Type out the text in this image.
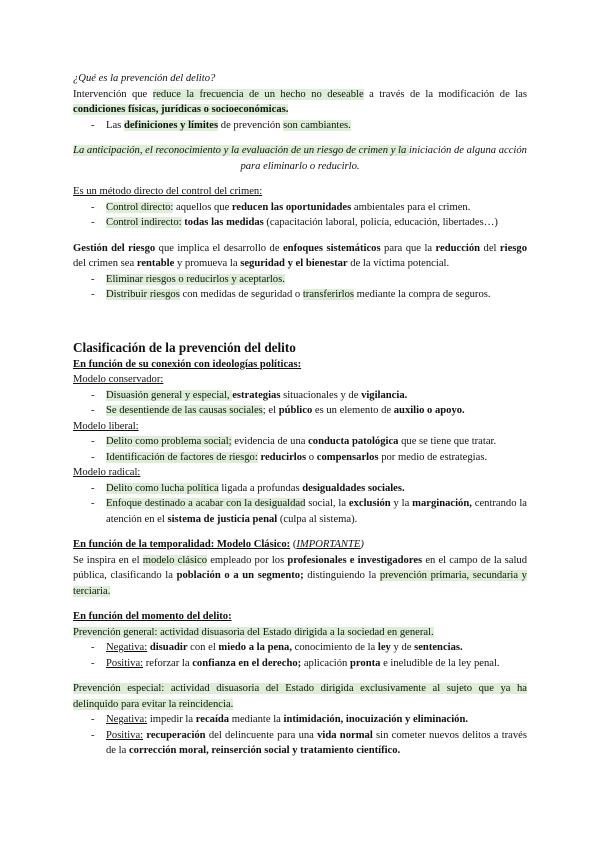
¿Qué es la prevención del delito?

Intervención que reduce la frecuencia de un hecho no deseable a través de la modificación de las condiciones físicas, jurídicas o socioeconómicas.

- Las definiciones y límites de prevención son cambiantes.

La anticipación, el reconocimiento y la evaluación de un riesgo de crimen y la iniciación de alguna acción para eliminarlo o reducirlo.

Es un método directo del control del crimen:

- Control directo: aquellos que reducen las oportunidades ambientales para el crimen.
- Control indirecto: todas las medidas (capacitación laboral, policía, educación, libertades…)

Gestión del riesgo que implica el desarrollo de enfoques sistemáticos para que la reducción del riesgo del crimen sea rentable y promueva la seguridad y el bienestar de la víctima potencial.

- Eliminar riesgos o reducirlos y aceptarlos.
- Distribuir riesgos con medidas de seguridad o transferirlos mediante la compra de seguros.

Clasificación de la prevención del delito

En función de su conexión con ideologías políticas:

Modelo conservador:

- Disuasión general y especial, estrategias situacionales y de vigilancia.
- Se desentiende de las causas sociales; el público es un elemento de auxilio o apoyo.

Modelo liberal:

- Delito como problema social; evidencia de una conducta patológica que se tiene que tratar.
- Identificación de factores de riesgo: reducirlos o compensarlos por medio de estrategias.

Modelo radical:

- Delito como lucha política ligada a profundas desigualdades sociales.
- Enfoque destinado a acabar con la desigualdad social, la exclusión y la marginación, centrando la atención en el sistema de justicia penal (culpa al sistema).

En función de la temporalidad: Modelo Clásico: (IMPORTANTE)

Se inspira en el modelo clásico empleado por los profesionales e investigadores en el campo de la salud pública, clasificando la población o a un segmento; distinguiendo la prevención primaria, secundaria y terciaria.

En función del momento del delito:

Prevención general: actividad disuasoria del Estado dirigida a la sociedad en general.

- Negativa: disuadir con el miedo a la pena, conocimiento de la ley y de sentencias.
- Positiva: reforzar la confianza en el derecho; aplicación pronta e ineludible de la ley penal.

Prevención especial: actividad disuasoria del Estado dirigida exclusivamente al sujeto que ya ha delinquido para evitar la reincidencia.

- Negativa: impedir la recaída mediante la intimidación, inocuización y eliminación.
- Positiva: recuperación del delincuente para una vida normal sin cometer nuevos delitos a través de la corrección moral, reinserción social y tratamiento científico.
